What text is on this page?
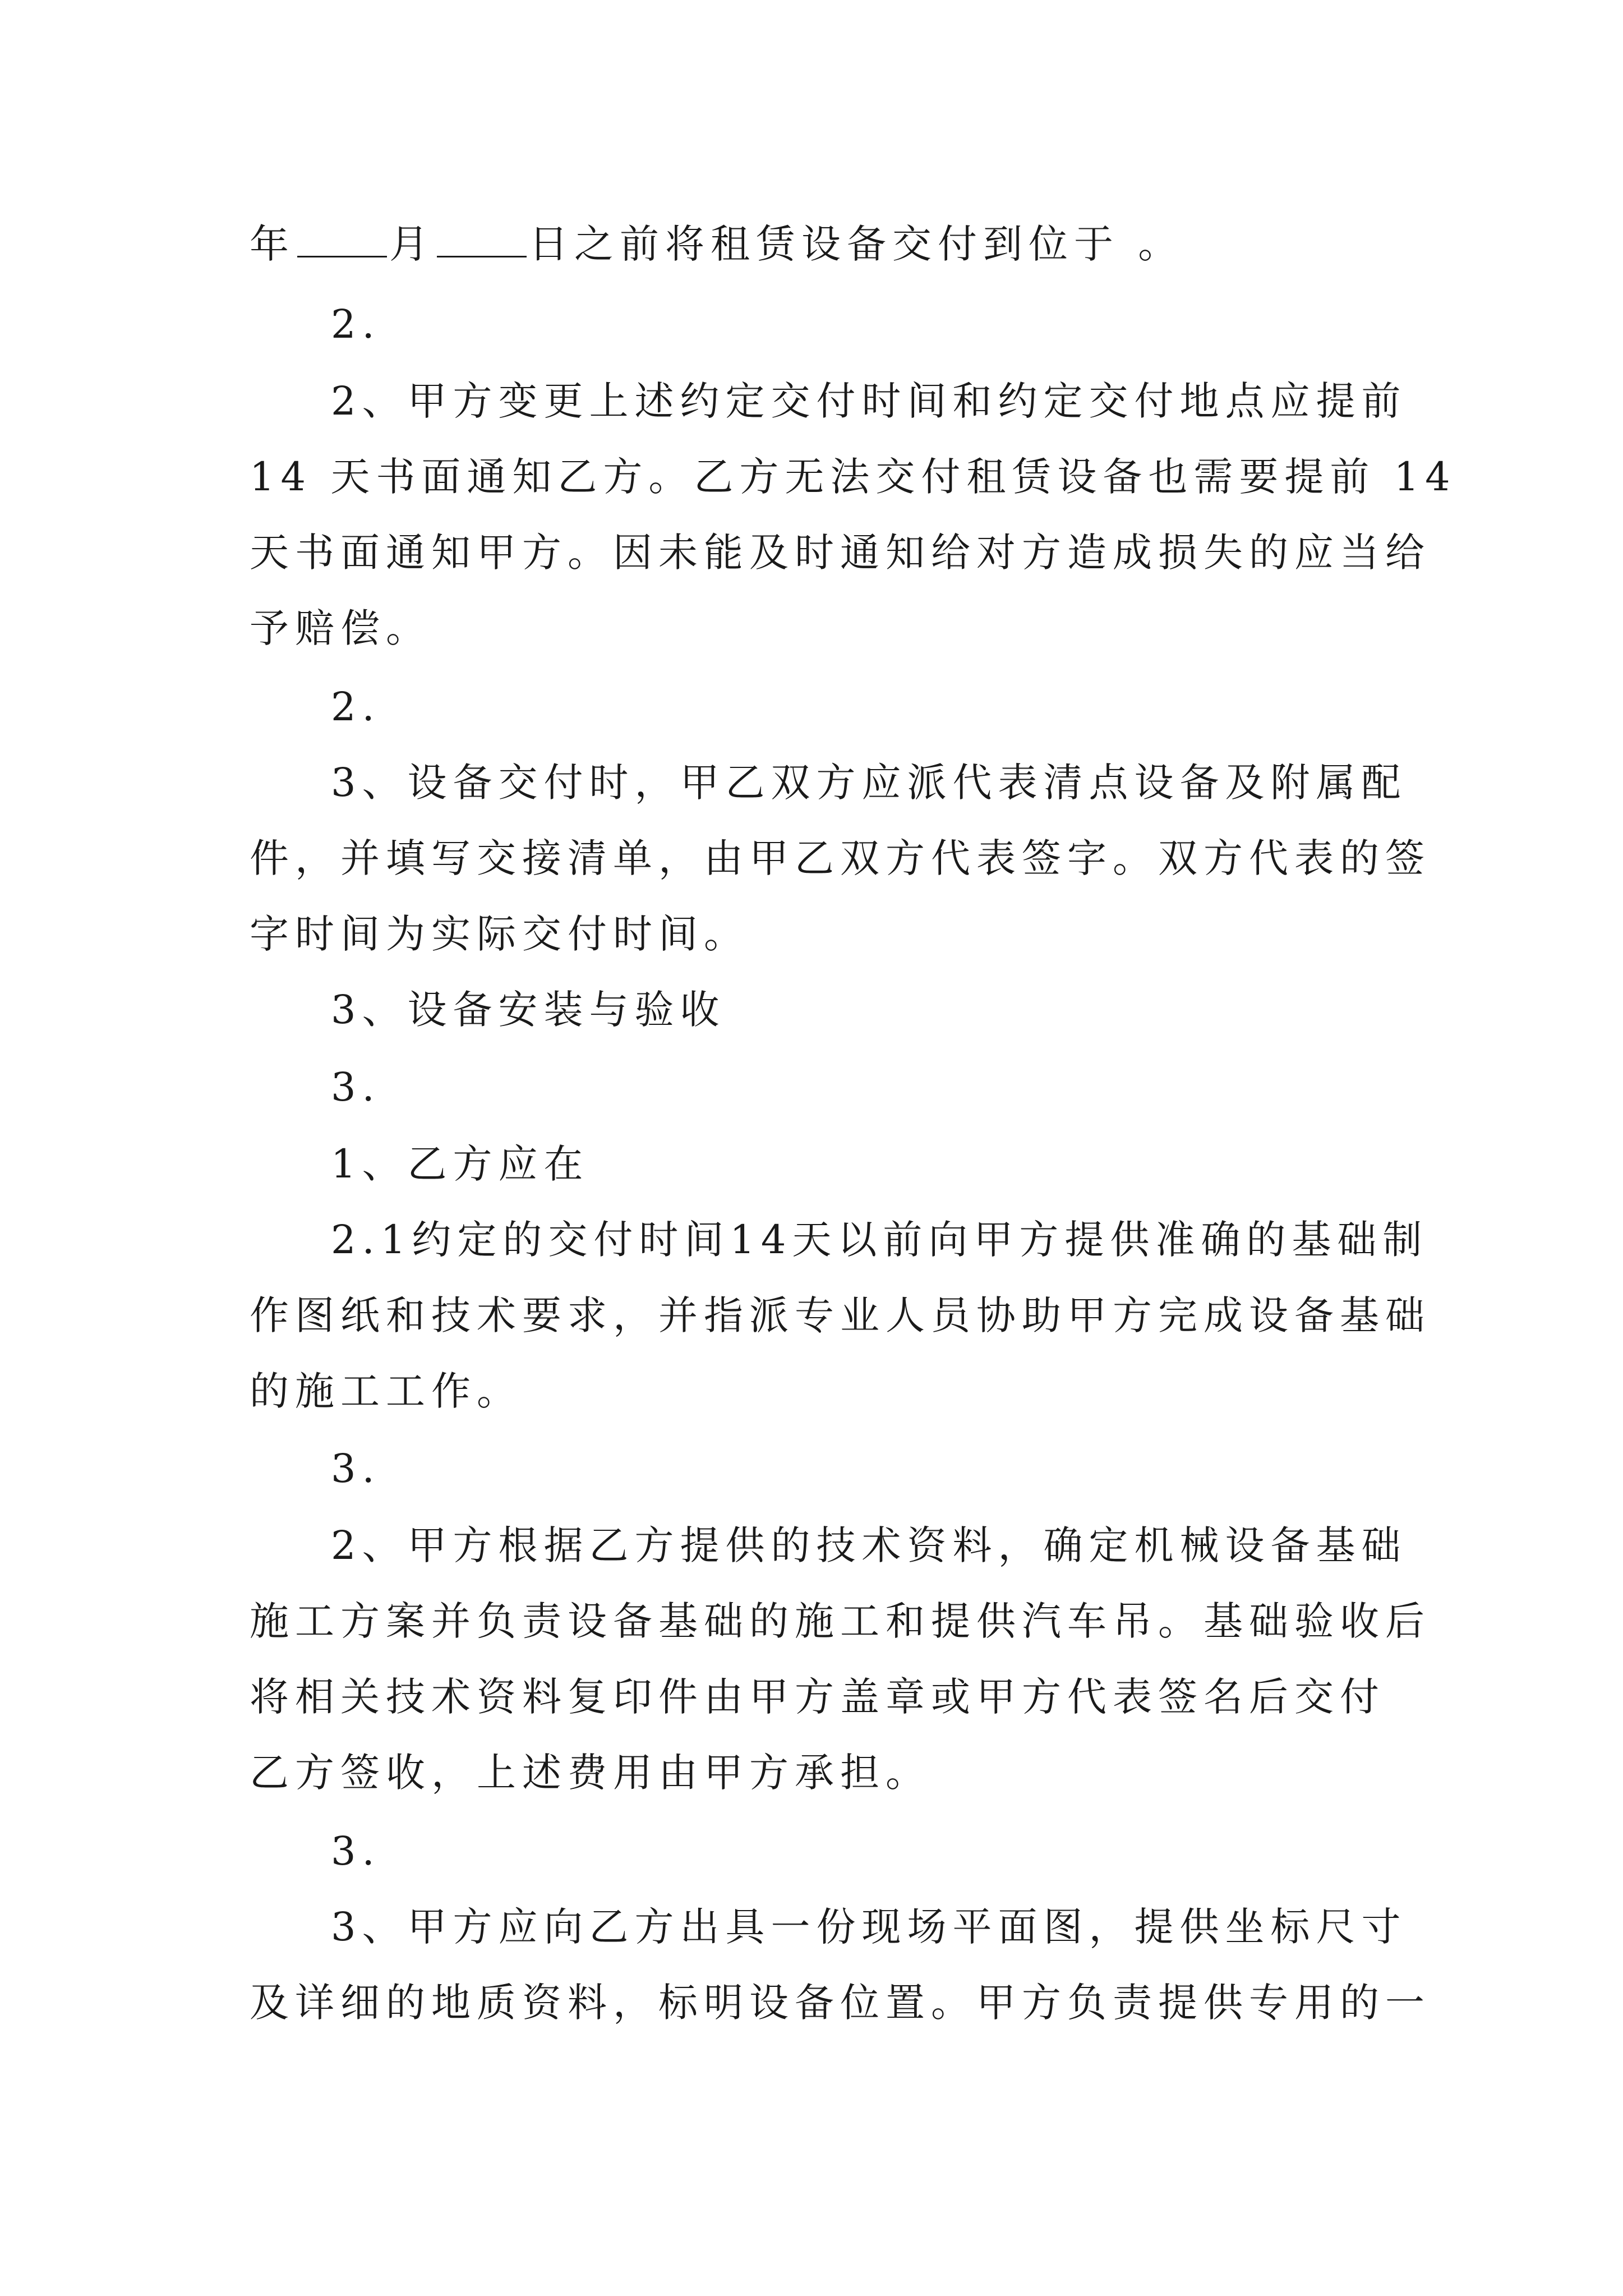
年 月 日之前将租赁设备交付到位于 。
2.
2、甲方变更上述约定交付时间和约定交付地点应提前
14 天书面通知乙方。乙方无法交付租赁设备也需要提前 14
天书面通知甲方。因未能及时通知给对方造成损失的应当给
予赔偿。
2.
3、设备交付时，甲乙双方应派代表清点设备及附属配
件，并填写交接清单，由甲乙双方代表签字。双方代表的签
字时间为实际交付时间。
3、设备安装与验收
3.
1、乙方应在
2.1约定的交付时间14天以前向甲方提供准确的基础制
作图纸和技术要求，并指派专业人员协助甲方完成设备基础
的施工工作。
3.
2、甲方根据乙方提供的技术资料，确定机械设备基础
施工方案并负责设备基础的施工和提供汽车吊。基础验收后
将相关技术资料复印件由甲方盖章或甲方代表签名后交付
乙方签收，上述费用由甲方承担。
3.
3、甲方应向乙方出具一份现场平面图，提供坐标尺寸
及详细的地质资料，标明设备位置。甲方负责提供专用的一
